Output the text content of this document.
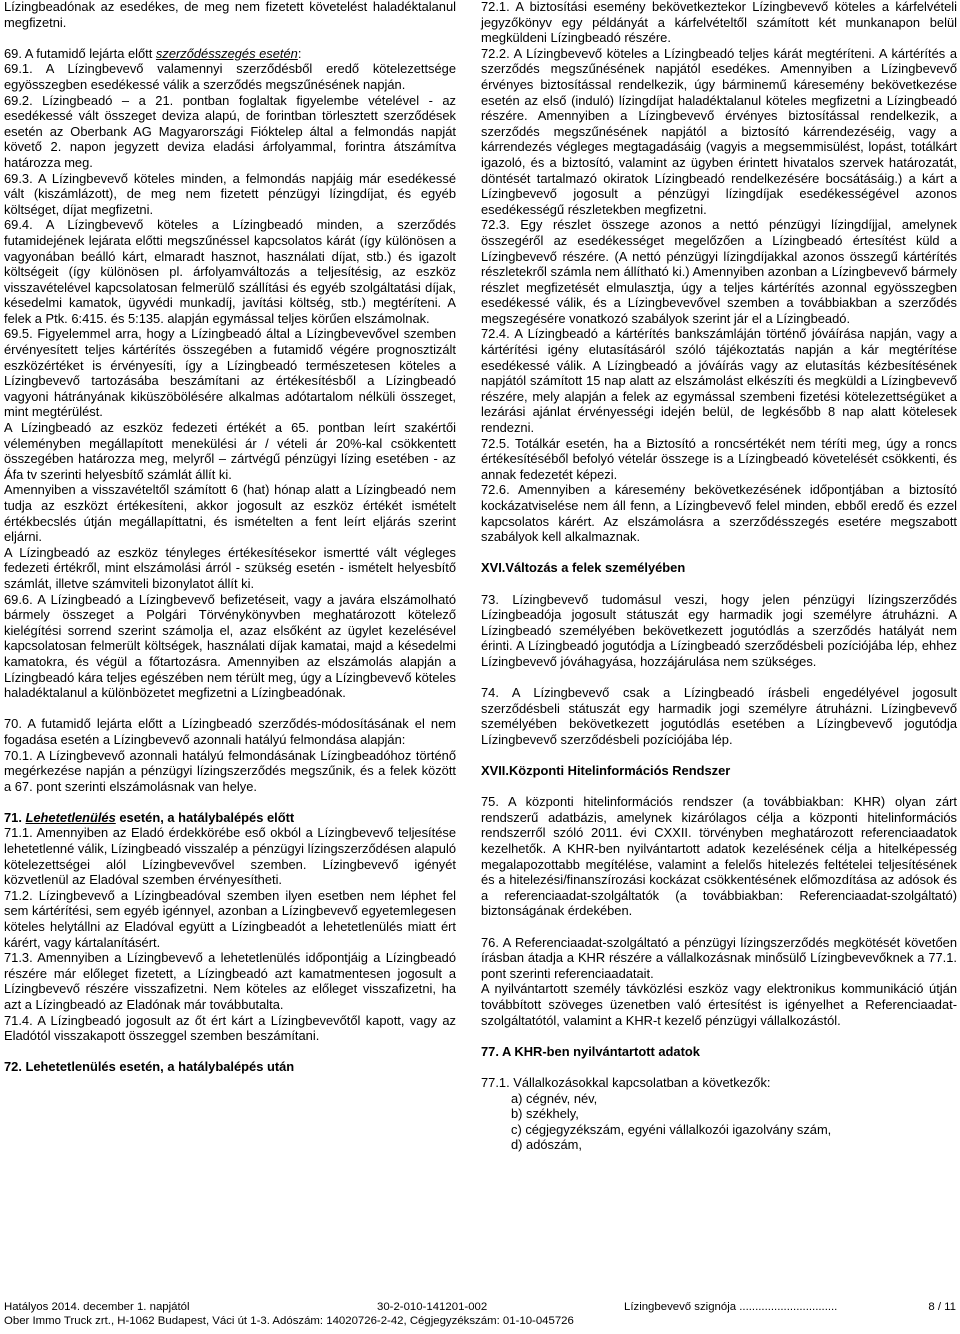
Lízingbeadónak az esedékes, de meg nem fizetett követelést haladéktalanul megfizetni.

69. A futamidő lejárta előtt szerződésszegés esetén:

69.1. A Lízingbevevő valamennyi szerződésből eredő kötelezettsége egyösszegben esedékessé válik a szerződés megszűnésének napján.

69.2. Lízingbeadó – a 21. pontban foglaltak figyelembe vételével - az esedékessé vált összeget deviza alapú, de forintban törlesztett szerződések esetén az Oberbank AG Magyarországi Fióktelep által a felmondás napját követő 2. napon jegyzett deviza eladási árfolyammal, forintra átszámítva határozza meg.

69.3. A Lízingbevevő köteles minden, a felmondás napjáig már esedékessé vált (kiszámlázott), de meg nem fizetett pénzügyi lízingdíjat, és egyéb költséget, díjat megfizetni.

69.4. A Lízingbevevő köteles a Lízingbeadó minden, a szerződés futamidejének lejárata előtti megszűnéssel kapcsolatos kárát (így különösen a vagyonában beálló kárt, elmaradt hasznot, használati díjat, stb.) és igazolt költségeit (így különösen pl. árfolyamváltozás a teljesítésig, az eszköz visszavételével kapcsolatosan felmerülő szállítási és egyéb szolgáltatási díjak, késedelmi kamatok, ügyvédi munkadíj, javítási költség, stb.) megtéríteni. A felek a Ptk. 6:415. és 5:135. alapján egymással teljes körűen elszámolnak.

69.5. Figyelemmel arra, hogy a Lízingbeadó által a Lízingbevevővel szemben érvényesített teljes kártérítés összegében a futamidő végére prognosztizált eszközértéket is érvényesíti, így a Lízingbeadó természetesen köteles a Lízingbevevő tartozásába beszámítani az értékesítésből a Lízingbeadó vagyoni hátrányának kiküszöbölésére alkalmas adótartalom nélküli összeget, mint megtérülést.

A Lízingbeadó az eszköz fedezeti értékét a 65. pontban leírt szakértői véleményben megállapított menekülési ár / vételi ár 20%-kal csökkentett összegében határozza meg, melyről – zártvégű pénzügyi lízing esetében - az Áfa tv szerinti helyesbítő számlát állít ki.

Amennyiben a visszavételtől számított 6 (hat) hónap alatt a Lízingbeadó nem tudja az eszközt értékesíteni, akkor jogosult az eszköz értékét ismételt értékbecslés útján megállapíttatni, és ismételten a fent leírt eljárás szerint eljárni.

A Lízingbeadó az eszköz tényleges értékesítésekor ismertté vált végleges fedezeti értékről, mint elszámolási árról - szükség esetén - ismételt helyesbítő számlát, illetve számviteli bizonylatot állít ki.

69.6. A Lízingbeadó a Lízingbevevő befizetéseit, vagy a javára elszámolható bármely összeget a Polgári Törvénykönyvben meghatározott kötelező kielégítési sorrend szerint számolja el, azaz elsőként az ügylet kezelésével kapcsolatosan felmerült költségek, használati díjak kamatai, majd a késedelmi kamatokra, és végül a főtartozásra. Amennyiben az elszámolás alapján a Lízingbeadó kára teljes egészében nem térült meg, úgy a Lízingbevevő köteles haladéktalanul a különbözetet megfizetni a Lízingbeadónak.

70. A futamidő lejárta előtt a Lízingbeadó szerződés-módosításának el nem fogadása esetén a Lízingbevevő azonnali hatályú felmondása alapján:

70.1. A Lízingbevevő azonnali hatályú felmondásának Lízingbeadóhoz történő megérkezése napján a pénzügyi lízingszerződés megszűnik, és a felek között a 67. pont szerinti elszámolásnak van helye.

71. Lehetetlenülés esetén, a hatálybalépés előtt

71.1. Amennyiben az Eladó érdekkörébe eső okból a Lízingbevevő teljesítése lehetetlenné válik, Lízingbeadó visszalép a pénzügyi lízingszerződésen alapuló kötelezettségei alól Lízingbevevővel szemben. Lízingbevevő igényét közvetlenül az Eladóval szemben érvényesítheti.

71.2. Lízingbevevő a Lízingbeadóval szemben ilyen esetben nem léphet fel sem kártérítési, sem egyéb igénnyel, azonban a Lízingbevevő egyetemlegesen köteles helytállni az Eladóval együtt a Lízingbeadót a lehetetlenülés miatt ért kárért, vagy kártalanításért.

71.3. Amennyiben a Lízingbevevő a lehetetlenülés időpontjáig a Lízingbeadó részére már előleget fizetett, a Lízingbeadó azt kamatmentesen jogosult a Lízingbevevő részére visszafizetni. Nem köteles az előleget visszafizetni, ha azt a Lízingbeadó az Eladónak már továbbutalta.

71.4. A Lízingbeadó jogosult az őt ért kárt a Lízingbevevőtől kapott, vagy az Eladótól visszakapott összeggel szemben beszámítani.

72. Lehetetlenülés esetén, a hatálybalépés után

72.1. A biztosítási esemény bekövetkeztekor Lízingbevevő köteles a kárfelvételi jegyzőkönyv egy példányát a kárfelvételtől számított két munkanapon belül megküldeni Lízingbeadó részére.

72.2. A Lízingbevevő köteles a Lízingbeadó teljes kárát megtéríteni. A kártérítés a szerződés megszűnésének napjától esedékes. Amennyiben a Lízingbevevő érvényes biztosítással rendelkezik, úgy bárminemű káresemény bekövetkezése esetén az első (induló) lízingdíjat haladéktalanul köteles megfizetni a Lízingbeadó részére. Amennyiben a Lízingbevevő érvényes biztosítással rendelkezik, a szerződés megszűnésének napjától a biztosító kárrendezéséig, vagy a kárrendezés végleges megtagadásáig (vagyis a megsemmisülést, lopást, totálkárt igazoló, és a biztosító, valamint az ügyben érintett hivatalos szervek határozatát, döntését tartalmazó okiratok Lízingbeadó rendelkezésére bocsátásáig.) a kárt a Lízingbevevő jogosult a pénzügyi lízingdíjak esedékességével azonos esedékességű részletekben megfizetni.

72.3. Egy részlet összege azonos a nettó pénzügyi lízingdíjjal, amelynek összegéről az esedékességet megelőzően a Lízingbeadó értesítést küld a Lízingbevevő részére. (A nettó pénzügyi lízingdíjakkal azonos összegű kártérítés részletekről számla nem állítható ki.) Amennyiben azonban a Lízingbevevő bármely részlet megfizetését elmulasztja, úgy a teljes kártérítés azonnal egyösszegben esedékessé válik, és a Lízingbevevővel szemben a továbbiakban a szerződés megszegésére vonatkozó szabályok szerint jár el a Lízingbeadó.

72.4. A Lízingbeadó a kártérítés bankszámláján történő jóváírása napján, vagy a kártérítési igény elutasításáról szóló tájékoztatás napján a kár megtérítése esedékessé válik. A Lízingbeadó a jóváírás vagy az elutasítás kézbesítésének napjától számított 15 nap alatt az elszámolást elkészíti és megküldi a Lízingbevevő részére, mely alapján a felek az egymással szembeni fizetési kötelezettségüket a lezárási ajánlat érvényességi idején belül, de legkésőbb 8 nap alatt kötelesek rendezni.

72.5. Totálkár esetén, ha a Biztosító a roncsértékét nem téríti meg, úgy a roncs értékesítéséből befolyó vételár összege is a Lízingbeadó követelését csökkenti, és annak fedezetét képezi.

72.6. Amennyiben a káresemény bekövetkezésének időpontjában a biztosító kockázatviselése nem áll fenn, a Lízingbevevő felel minden, ebből eredő és ezzel kapcsolatos kárért. Az elszámolásra a szerződésszegés esetére megszabott szabályok kell alkalmaznak.

XVI.Változás a felek személyében

73. Lízingbevevő tudomásul veszi, hogy jelen pénzügyi lízingszerződés Lízingbeadója jogosult státuszát egy harmadik jogi személyre átruházni. A Lízingbeadó személyében bekövetkezett jogutódlás a szerződés hatályát nem érinti. A Lízingbeadó jogutódja a Lízingbeadó szerződésbeli pozíciójába lép, ehhez Lízingbevevő jóváhagyása, hozzájárulása nem szükséges.

74. A Lízingbevevő csak a Lízingbeadó írásbeli engedélyével jogosult szerződésbeli státuszát egy harmadik jogi személyre átruházni. Lízingbevevő személyében bekövetkezett jogutódlás esetében a Lízingbevevő jogutódja Lízingbevevő szerződésbeli pozíciójába lép.

XVII.Központi Hitelinformációs Rendszer

75. A központi hitelinformációs rendszer (a továbbiakban: KHR) olyan zárt rendszerű adatbázis, amelynek kizárólagos célja a központi hitelinformációs rendszerről szóló 2011. évi CXXII. törvényben meghatározott referenciaadatok kezelhetők. A KHR-ben nyilvántartott adatok kezelésének célja a hitelképesség megalapozottabb megítélése, valamint a felelős hitelezés feltételei teljesítésének és a hitelezési/finanszírozási kockázat csökkentésének előmozdítása az adósok és a referenciaadat-szolgáltatók (a továbbiakban: Referenciaadat-szolgáltató) biztonságának érdekében.

76. A Referenciaadat-szolgáltató a pénzügyi lízingszerződés megkötését követően írásban átadja a KHR részére a vállalkozásnak minősülő Lízingbevevőknek a 77.1. pont szerinti referenciaadatait.

A nyilvántartott személy távközlési eszköz vagy elektronikus kommunikáció útján továbbított szöveges üzenetben való értesítést is igényelhet a Referenciaadat-szolgáltatótól, valamint a KHR-t kezelő pénzügyi vállalkozástól.

77. A KHR-ben nyilvántartott adatok

77.1. Vállalkozásokkal kapcsolatban a következők:

a) cégnév, név,

b) székhely,

c) cégjegyzékszám, egyéni vállalkozói igazolvány szám,

d) adószám,

Hatályos 2014. december 1. napjától	30-2-010-141201-002	Lízingbevevő szignója ...............................	8 / 11
Ober Immo Truck zrt., H-1062 Budapest, Váci út 1-3. Adószám: 14020726-2-42, Cégjegyzékszám: 01-10-045726
